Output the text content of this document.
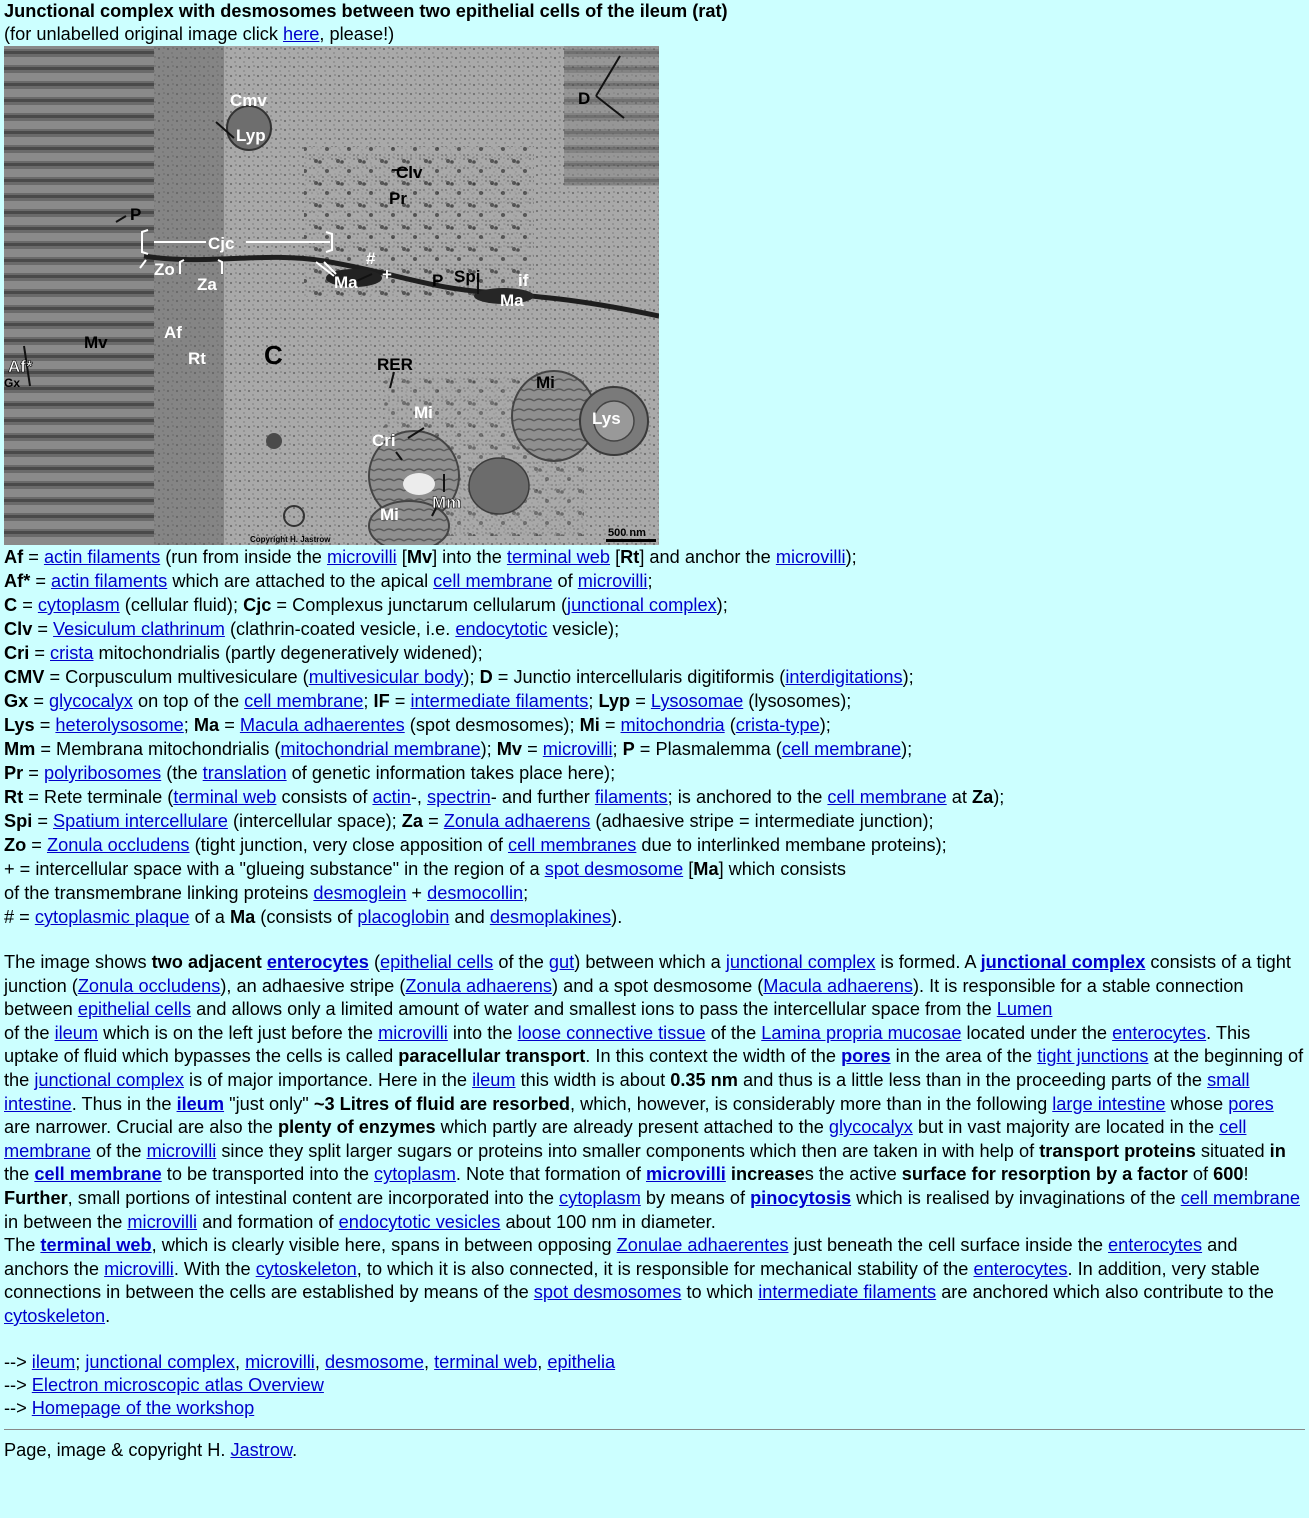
Junctional complex with desmosomes between two epithelial cells of the ileum (rat)
(for unlabelled original image click here, please!)
Cmv
Lyp
D
Clv
Pr
P
Cjc
Zo
Za
#
+
Ma	P Spi if
Ma
Mv
Af
Rt C	RER
Mi
Af*
Gx
Mi	Lys
Cri
Mm
Mi
Copyright H. Jastrow
500 nm
Af = actin filaments (run from inside the microvilli [Mv] into the terminal web [Rt] and anchor the microvilli);
Af* = actin filaments which are attached to the apical cell membrane of microvilli;
C = cytoplasm (cellular fluid); Cjc = Complexus junctarum cellularum (junctional complex);
Clv = Vesiculum clathrinum (clathrin-coated vesicle, i.e. endocytotic vesicle);
Cri = crista mitochondrialis (partly degeneratively widened);
CMV = Corpusculum multivesiculare (multivesicular body); D = Junctio intercellularis digitiformis (interdigitations);
Gx = glycocalyx on top of the cell membrane; IF = intermediate filaments; Lyp = Lysosomae (lysosomes);
Lys = heterolysosome; Ma = Macula adhaerentes (spot desmosomes); Mi = mitochondria (crista-type);
Mm = Membrana mitochondrialis (mitochondrial membrane); Mv = microvilli; P = Plasmalemma (cell membrane);
Pr = polyribosomes (the translation of genetic information takes place here);
Rt = Rete terminale (terminal web consists of actin-, spectrin- and further filaments; is anchored to the cell membrane at Za);
Spi = Spatium intercellulare (intercellular space); Za = Zonula adhaerens (adhaesive stripe = intermediate junction);
Zo = Zonula occludens (tight junction, very close apposition of cell membranes due to interlinked membane proteins);
+ = intercellular space with a "glueing substance" in the region of a spot desmosome [Ma] which consists
of the transmembrane linking proteins desmoglein + desmocollin;
# = cytoplasmic plaque of a Ma (consists of placoglobin and desmoplakines).
The image shows two adjacent enterocytes (epithelial cells of the gut) between which a junctional complex is formed. A junctional complex consists of a tight junction (Zonula occludens), an adhaesive stripe (Zonula adhaerens) and a spot desmosome (Macula adhaerens). It is responsible for a stable connection between epithelial cells and allows only a limited amount of water and smallest ions to pass the intercellular space from the Lumen
of the ileum which is on the left just before the microvilli into the loose connective tissue of the Lamina propria mucosae located under the enterocytes. This uptake of fluid which bypasses the cells is called paracellular transport. In this context the width of the pores in the area of the tight junctions at the beginning of the junctional complex is of major importance. Here in the ileum this width is about 0.35 nm and thus is a little less than in the proceeding parts of the small intestine. Thus in the ileum "just only" ~3 Litres of fluid are resorbed, which, however, is considerably more than in the following large intestine whose pores are narrower. Crucial are also the plenty of enzymes which partly are already present attached to the glycocalyx but in vast majority are located in the cell membrane of the microvilli since they split larger sugars or proteins into smaller components which then are taken in with help of transport proteins situated in the cell membrane to be transported into the cytoplasm. Note that formation of microvilli increases the active surface for resorption by a factor of 600! Further, small portions of intestinal content are incorporated into the cytoplasm by means of pinocytosis which is realised by invaginations of the cell membrane in between the microvilli and formation of endocytotic vesicles about 100 nm in diameter.
The terminal web, which is clearly visible here, spans in between opposing Zonulae adhaerentes just beneath the cell surface inside the enterocytes and anchors the microvilli. With the cytoskeleton, to which it is also connected, it is responsible for mechanical stability of the enterocytes. In addition, very stable connections in between the cells are established by means of the spot desmosomes to which intermediate filaments are anchored which also contribute to the cytoskeleton.
--> ileum; junctional complex, microvilli, desmosome, terminal web, epithelia
--> Electron microscopic atlas Overview
--> Homepage of the workshop
Page, image & copyright H. Jastrow.
